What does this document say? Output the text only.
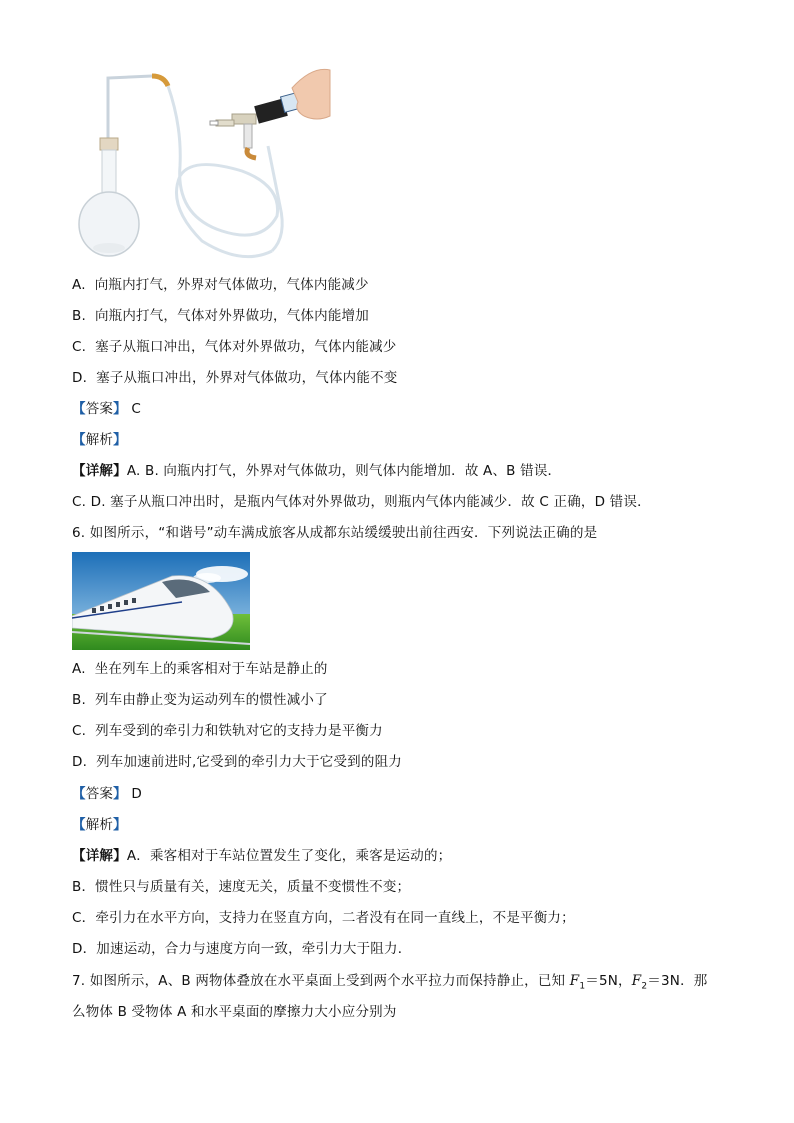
A. 向瓶内打气，外界对气体做功，气体内能减少
B. 向瓶内打气，气体对外界做功，气体内能增加
C. 塞子从瓶口冲出，气体对外界做功，气体内能减少
D. 塞子从瓶口冲出，外界对气体做功，气体内能不变
【答案】 C
【解析】
【详解】A. B. 向瓶内打气，外界对气体做功，则气体内能增加．故 A、B 错误．
C. D. 塞子从瓶口冲出时，是瓶内气体对外界做功，则瓶内气体内能减少．故 C 正确，D 错误．
6. 如图所示，“和谐号”动车满成旅客从成都东站缓缓驶出前往西安．下列说法正确的是
A. 坐在列车上的乘客相对于车站是静止的
B. 列车由静止变为运动列车的惯性减小了
C. 列车受到的牵引力和铁轨对它的支持力是平衡力
D. 列车加速前进时,它受到的牵引力大于它受到的阻力
【答案】 D
【解析】
【详解】A．乘客相对于车站位置发生了变化，乘客是运动的；
B．惯性只与质量有关，速度无关，质量不变惯性不变；
C．牵引力在水平方向，支持力在竖直方向，二者没有在同一直线上，不是平衡力；
D．加速运动，合力与速度方向一致，牵引力大于阻力．
7. 如图所示，A、B 两物体叠放在水平桌面上受到两个水平拉力而保持静止，已知 $F_1=5N$，$F_2=3N$．那
么物体 B 受物体 A 和水平桌面的摩擦力大小应分别为
